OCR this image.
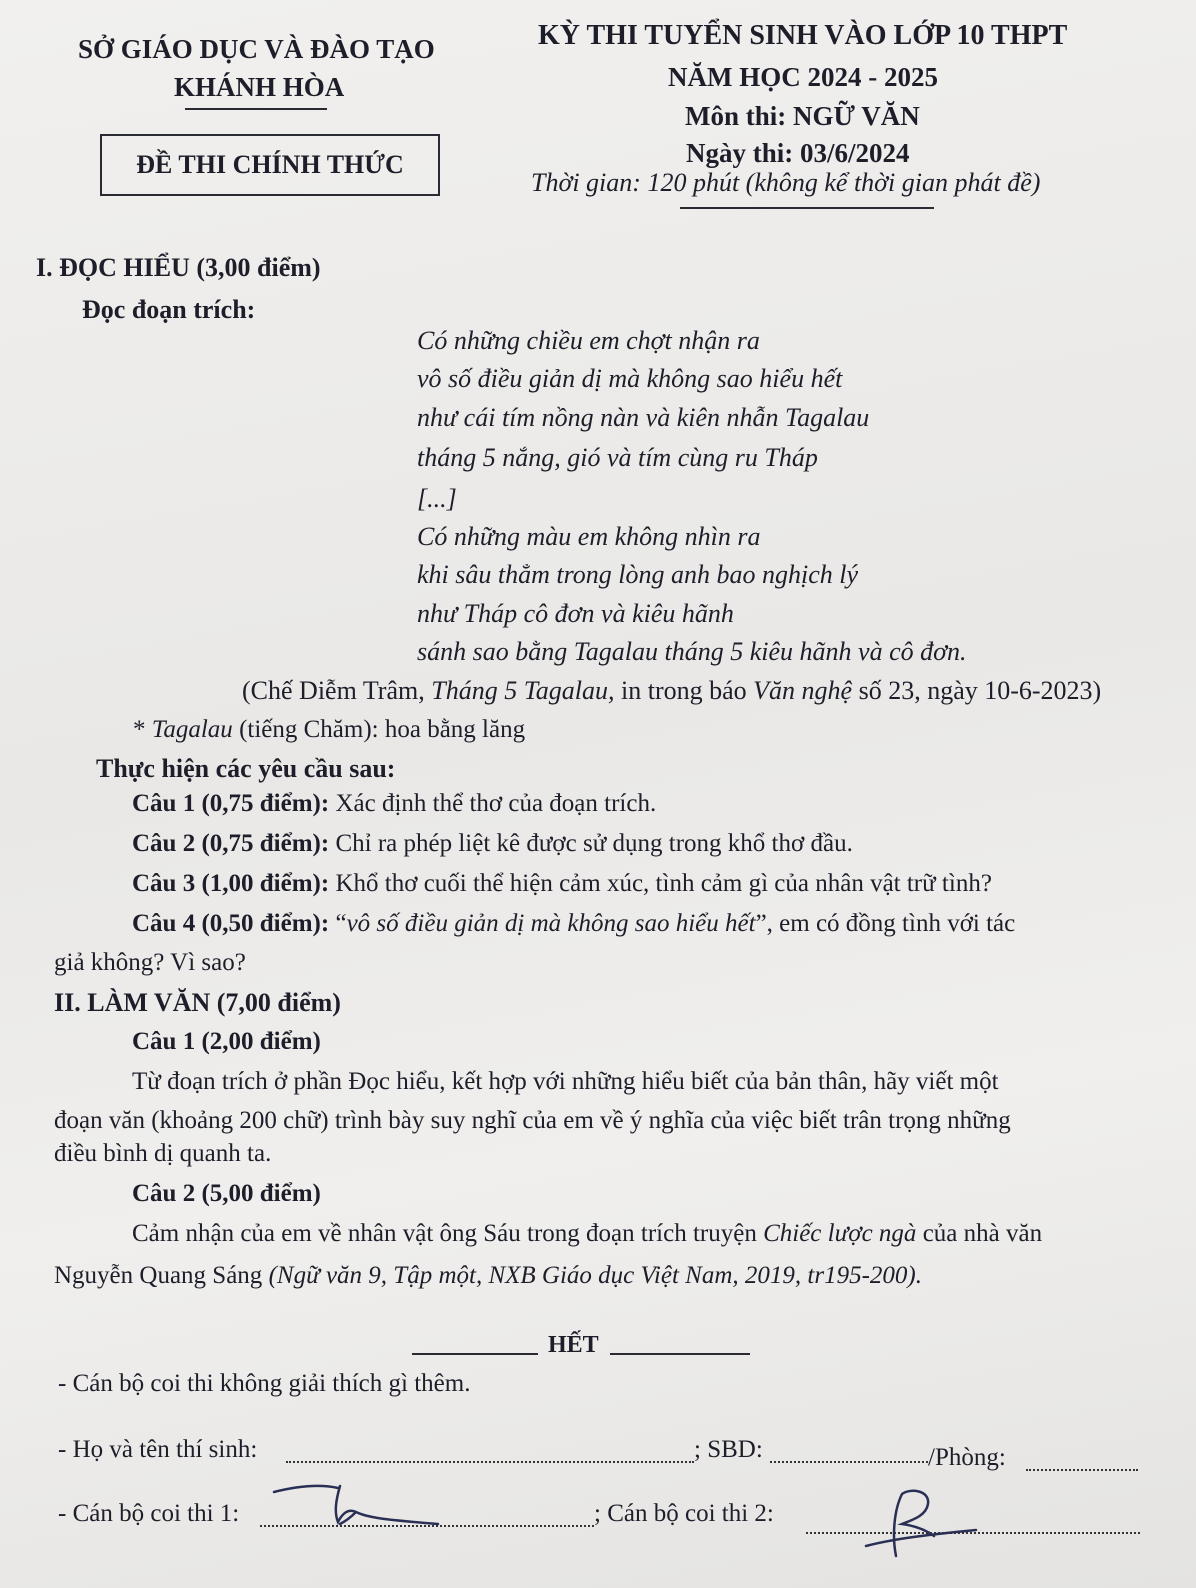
SỞ GIÁO DỤC VÀ ĐÀO TẠO
KHÁNH HÒA
ĐỀ THI CHÍNH THỨC
KỲ THI TUYỂN SINH VÀO LỚP 10 THPT
NĂM HỌC 2024 - 2025
Môn thi: NGỮ VĂN
Ngày thi: 03/6/2024
Thời gian: 120 phút (không kể thời gian phát đề)
I. ĐỌC HIỂU (3,00 điểm)
Đọc đoạn trích:
Có những chiều em chợt nhận ra
vô số điều giản dị mà không sao hiểu hết
như cái tím nồng nàn và kiên nhẫn Tagalau
tháng 5 nắng, gió và tím cùng ru Tháp
[...]
Có những màu em không nhìn ra
khi sâu thẳm trong lòng anh bao nghịch lý
như Tháp cô đơn và kiêu hãnh
sánh sao bằng Tagalau tháng 5 kiêu hãnh và cô đơn.
(Chế Diễm Trâm, Tháng 5 Tagalau, in trong báo Văn nghệ số 23, ngày 10-6-2023)
* Tagalau (tiếng Chăm): hoa bằng lăng
Thực hiện các yêu cầu sau:
Câu 1 (0,75 điểm): Xác định thể thơ của đoạn trích.
Câu 2 (0,75 điểm): Chỉ ra phép liệt kê được sử dụng trong khổ thơ đầu.
Câu 3 (1,00 điểm): Khổ thơ cuối thể hiện cảm xúc, tình cảm gì của nhân vật trữ tình?
Câu 4 (0,50 điểm): “vô số điều giản dị mà không sao hiểu hết”, em có đồng tình với tác
giả không? Vì sao?
II. LÀM VĂN (7,00 điểm)
Câu 1 (2,00 điểm)
Từ đoạn trích ở phần Đọc hiểu, kết hợp với những hiểu biết của bản thân, hãy viết một
đoạn văn (khoảng 200 chữ) trình bày suy nghĩ của em về ý nghĩa của việc biết trân trọng những
điều bình dị quanh ta.
Câu 2 (5,00 điểm)
Cảm nhận của em về nhân vật ông Sáu trong đoạn trích truyện Chiếc lược ngà của nhà văn
Nguyễn Quang Sáng (Ngữ văn 9, Tập một, NXB Giáo dục Việt Nam, 2019, tr195-200).
HẾT
- Cán bộ coi thi không giải thích gì thêm.
- Họ và tên thí sinh:	; SBD:	/Phòng:
- Cán bộ coi thi 1:	; Cán bộ coi thi 2:
